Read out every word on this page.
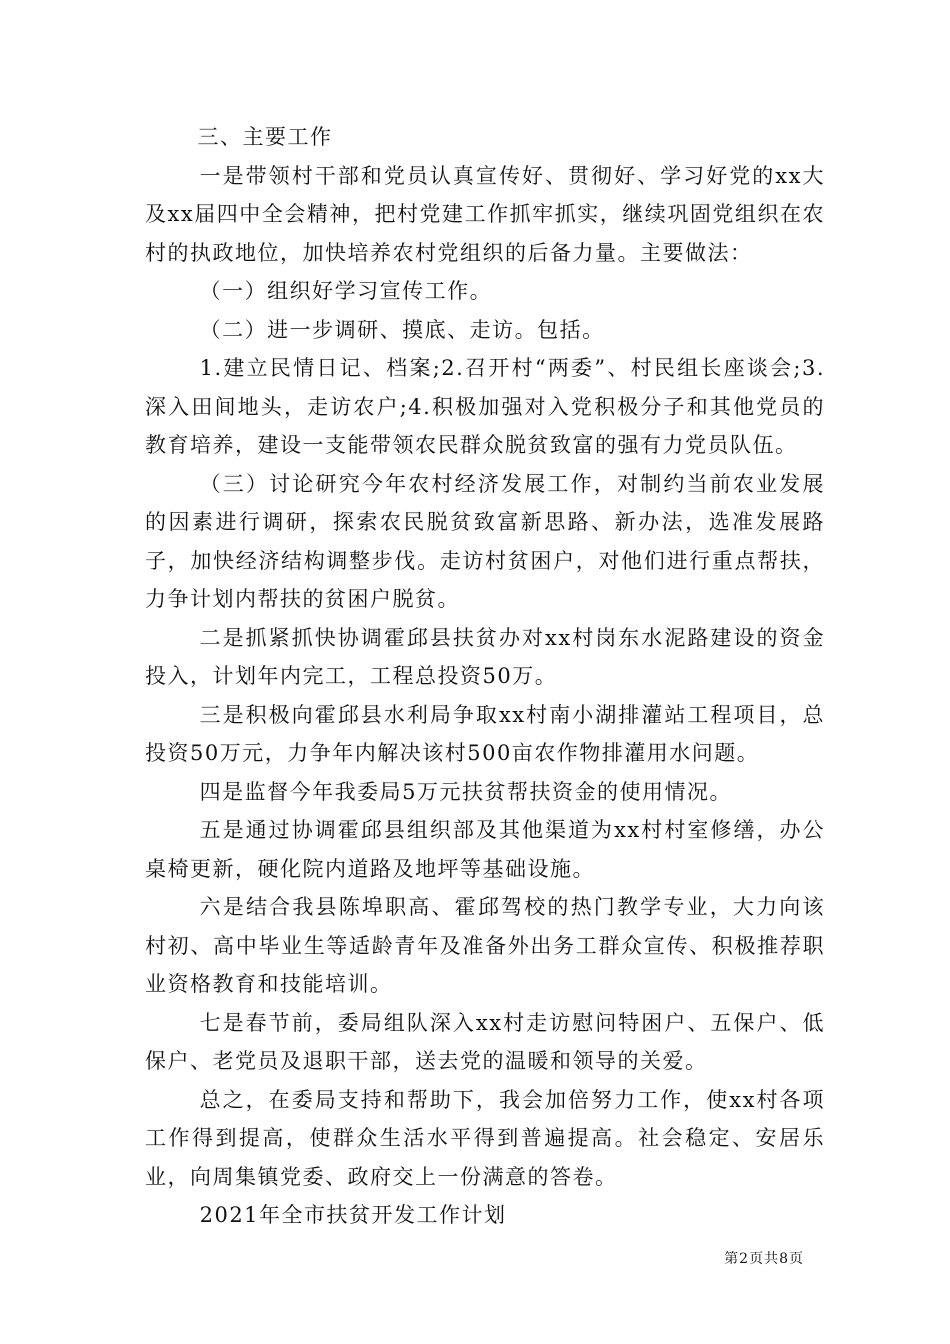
三、主要工作

一是带领村干部和党员认真宣传好、贯彻好、学习好党的xx大及xx届四中全会精神，把村党建工作抓牢抓实，继续巩固党组织在农村的执政地位，加快培养农村党组织的后备力量。主要做法：

（一）组织好学习宣传工作。

（二）进一步调研、摸底、走访。包括。

1.建立民情日记、档案;2.召开村“两委”、村民组长座谈会;3.深入田间地头，走访农户;4.积极加强对入党积极分子和其他党员的教育培养，建设一支能带领农民群众脱贫致富的强有力党员队伍。

（三）讨论研究今年农村经济发展工作，对制约当前农业发展的因素进行调研，探索农民脱贫致富新思路、新办法，选准发展路子，加快经济结构调整步伐。走访村贫困户，对他们进行重点帮扶，力争计划内帮扶的贫困户脱贫。

二是抓紧抓快协调霍邱县扶贫办对xx村岗东水泥路建设的资金投入，计划年内完工，工程总投资50万。

三是积极向霍邱县水利局争取xx村南小湖排灌站工程项目，总投资50万元，力争年内解决该村500亩农作物排灌用水问题。

四是监督今年我委局5万元扶贫帮扶资金的使用情况。

五是通过协调霍邱县组织部及其他渠道为xx村村室修缮，办公桌椅更新，硬化院内道路及地坪等基础设施。

六是结合我县陈埠职高、霍邱驾校的热门教学专业，大力向该村初、高中毕业生等适龄青年及准备外出务工群众宣传、积极推荐职业资格教育和技能培训。

七是春节前，委局组队深入xx村走访慰问特困户、五保户、低保户、老党员及退职干部，送去党的温暖和领导的关爱。

总之，在委局支持和帮助下，我会加倍努力工作，使xx村各项工作得到提高，使群众生活水平得到普遍提高。社会稳定、安居乐业，向周集镇党委、政府交上一份满意的答卷。

2021年全市扶贫开发工作计划

第2页共8页
